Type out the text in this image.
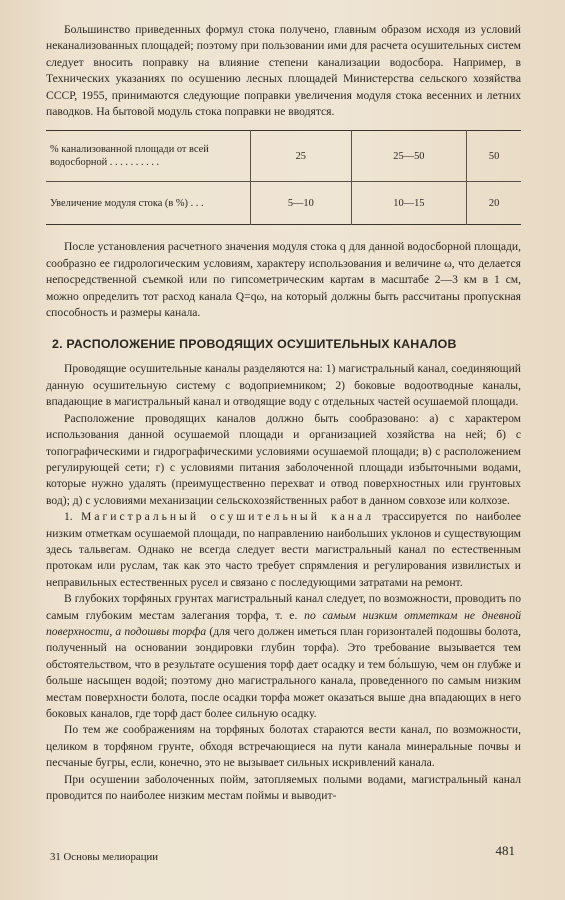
Большинство приведенных формул стока получено, главным образом исходя из условий неканализованных площадей; поэтому при пользовании ими для расчета осушительных систем следует вносить поправку на влияние степени канализации водосбора. Например, в Технических указаниях по осушению лесных площадей Министерства сельского хозяйства СССР, 1955, принимаются следующие поправки увеличения модуля стока весенних и летних паводков. На бытовой модуль стока поправки не вводятся.

% канализованной площади от всей водосборной . . . . . . . . . .	25	25—50	50
Увеличение модуля стока (в %) . . .	5—10	10—15	20

После установления расчетного значения модуля стока q для данной водосборной площади, сообразно ее гидрологическим условиям, характеру использования и величине ω, что делается непосредственной съемкой или по гипсометрическим картам в масштабе 2—3 км в 1 см, можно определить тот расход канала Q=qω, на который должны быть рассчитаны пропускная способность и размеры канала.

2. РАСПОЛОЖЕНИЕ ПРОВОДЯЩИХ ОСУШИТЕЛЬНЫХ КАНАЛОВ

Проводящие осушительные каналы разделяются на: 1) магистральный канал, соединяющий данную осушительную систему с водоприемником; 2) боковые водоотводные каналы, впадающие в магистральный канал и отводящие воду с отдельных частей осушаемой площади.

Расположение проводящих каналов должно быть сообразовано: а) с характером использования данной осушаемой площади и организацией хозяйства на ней; б) с топографическими и гидрографическими условиями осушаемой площади; в) с расположением регулирующей сети; г) с условиями питания заболоченной площади избыточными водами, которые нужно удалять (преимущественно перехват и отвод поверхностных или грунтовых вод); д) с условиями механизации сельскохозяйственных работ в данном совхозе или колхозе.

1. Магистральный осушительный канал трассируется по наиболее низким отметкам осушаемой площади, по направлению наибольших уклонов и существующим здесь тальвегам. Однако не всегда следует вести магистральный канал по естественным протокам или руслам, так как это часто требует спрямления и регулирования извилистых и неправильных естественных русел и связано с последующими затратами на ремонт.

В глубоких торфяных грунтах магистральный канал следует, по возможности, проводить по самым глубоким местам залегания торфа, т. е. по самым низким отметкам не дневной поверхности, а подошвы торфа (для чего должен иметься план горизонталей подошвы болота, полученный на основании зондировки глубин торфа). Это требование вызывается тем обстоятельством, что в результате осушения торф дает осадку и тем бо́льшую, чем он глубже и больше насыщен водой; поэтому дно магистрального канала, проведенного по самым низким местам поверхности болота, после осадки торфа может оказаться выше дна впадающих в него боковых каналов, где торф даст более сильную осадку.

По тем же соображениям на торфяных болотах стараются вести канал, по возможности, целиком в торфяном грунте, обходя встречающиеся на пути канала минеральные почвы и песчаные бугры, если, конечно, это не вызывает сильных искривлений канала.

При осушении заболоченных пойм, затопляемых полыми водами, магистральный канал проводится по наиболее низким местам поймы и выводит-

31 Основы мелиорации	481
